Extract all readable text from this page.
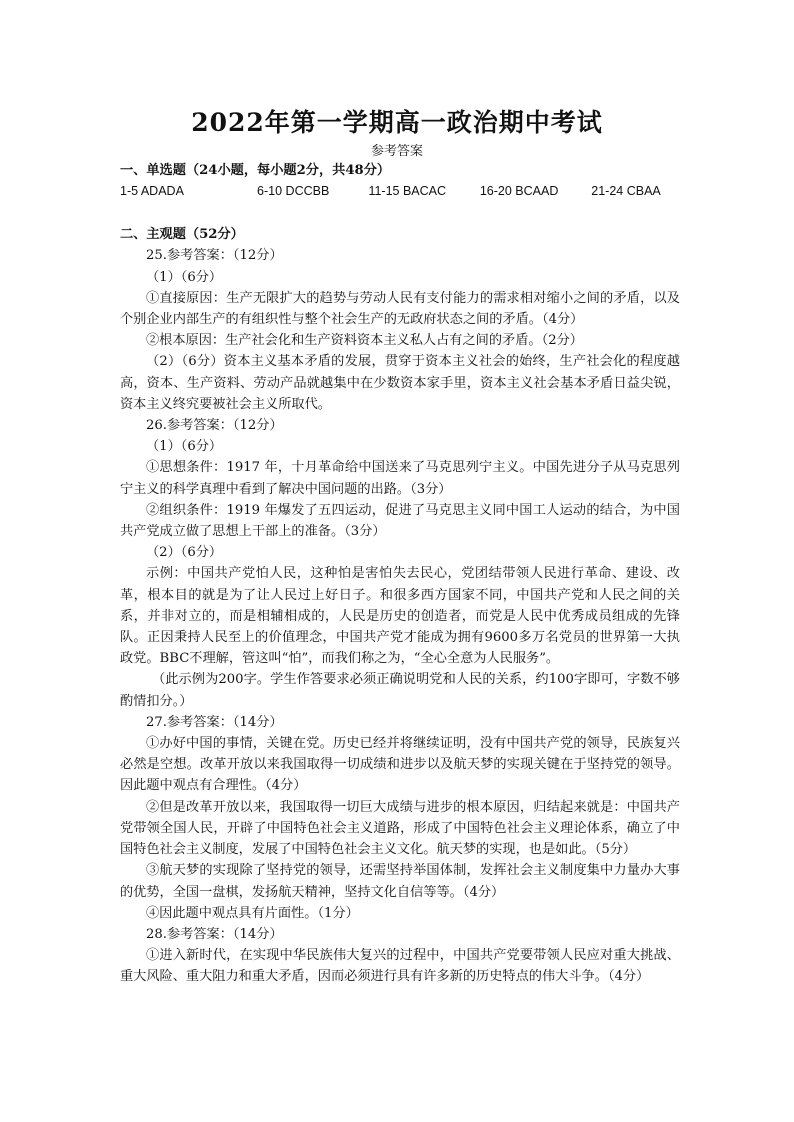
2022年第一学期高一政治期中考试
参考答案

一、单选题（24小题，每小题2分，共48分）

1-5 ADADA	6-10 DCCBB	11-15 BACAC	16-20 BCAAD	21-24 CBAA

二、主观题（52分）

25.参考答案：（12分）

（1）（6分）

①直接原因：生产无限扩大的趋势与劳动人民有支付能力的需求相对缩小之间的矛盾，以及个别企业内部生产的有组织性与整个社会生产的无政府状态之间的矛盾。（4分）

②根本原因：生产社会化和生产资料资本主义私人占有之间的矛盾。（2分）

（2）（6分）资本主义基本矛盾的发展，贯穿于资本主义社会的始终，生产社会化的程度越高，资本、生产资料、劳动产品就越集中在少数资本家手里，资本主义社会基本矛盾日益尖锐，资本主义终究要被社会主义所取代。

26.参考答案：（12分）

（1）（6分）

①思想条件：1917 年，十月革命给中国送来了马克思列宁主义。中国先进分子从马克思列宁主义的科学真理中看到了解决中国问题的出路。（3分）

②组织条件：1919 年爆发了五四运动，促进了马克思主义同中国工人运动的结合，为中国共产党成立做了思想上干部上的准备。（3分）

（2）（6分）

示例：中国共产党怕人民，这种怕是害怕失去民心，党团结带领人民进行革命、建设、改革，根本目的就是为了让人民过上好日子。和很多西方国家不同，中国共产党和人民之间的关系，并非对立的，而是相辅相成的，人民是历史的创造者，而党是人民中优秀成员组成的先锋队。正因秉持人民至上的价值理念，中国共产党才能成为拥有9600多万名党员的世界第一大执政党。BBC不理解，管这叫“怕”，而我们称之为，“全心全意为人民服务”。

（此示例为200字。学生作答要求必须正确说明党和人民的关系，约100字即可，字数不够酌情扣分。）

27.参考答案：（14分）

①办好中国的事情，关键在党。历史已经并将继续证明，没有中国共产党的领导，民族复兴必然是空想。改革开放以来我国取得一切成绩和进步以及航天梦的实现关键在于坚持党的领导。因此题中观点有合理性。（4分）

②但是改革开放以来，我国取得一切巨大成绩与进步的根本原因，归结起来就是：中国共产党带领全国人民，开辟了中国特色社会主义道路，形成了中国特色社会主义理论体系，确立了中国特色社会主义制度，发展了中国特色社会主义文化。航天梦的实现，也是如此。（5分）

③航天梦的实现除了坚持党的领导，还需坚持举国体制，发挥社会主义制度集中力量办大事的优势，全国一盘棋，发扬航天精神，坚持文化自信等等。（4分）

④因此题中观点具有片面性。（1分）

28.参考答案：（14分）

①进入新时代，在实现中华民族伟大复兴的过程中，中国共产党要带领人民应对重大挑战、重大风险、重大阻力和重大矛盾，因而必须进行具有许多新的历史特点的伟大斗争。（4分）
